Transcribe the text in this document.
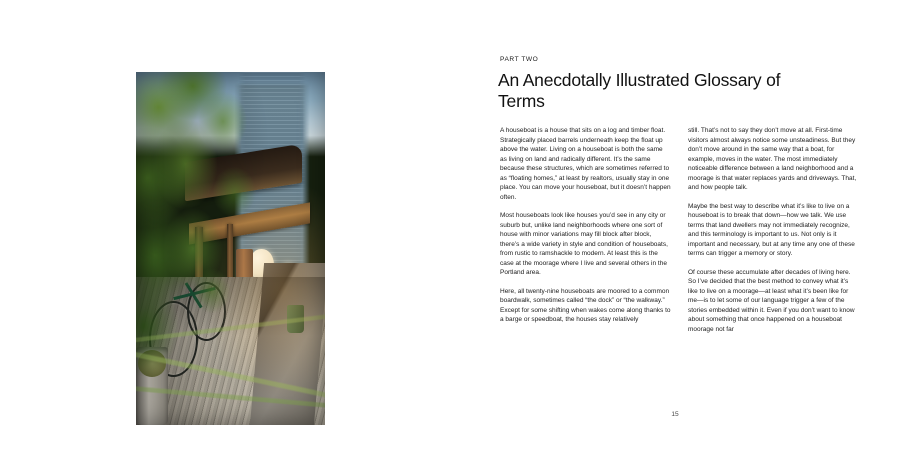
PART TWO
An Anecdotally Illustrated Glossary of Terms

A houseboat is a house that sits on a log and timber float. Strategically placed barrels underneath keep the float up above the water. Living on a houseboat is both the same as living on land and radically different. It’s the same because these structures, which are sometimes referred to as “floating homes,” at least by realtors, usually stay in one place. You can move your houseboat, but it doesn’t happen often.

Most houseboats look like houses you’d see in any city or suburb but, unlike land neighborhoods where one sort of house with minor variations may fill block after block, there’s a wide variety in style and condition of houseboats, from rustic to ramshackle to modern. At least this is the case at the moorage where I live and several others in the Portland area.

Here, all twenty-nine houseboats are moored to a common boardwalk, sometimes called “the dock” or “the walkway.” Except for some shifting when wakes come along thanks to a barge or speedboat, the houses stay relatively

still. That’s not to say they don’t move at all. First-time visitors almost always notice some unsteadiness. But they don’t move around in the same way that a boat, for example, moves in the water. The most immediately noticeable difference between a land neighborhood and a moorage is that water replaces yards and driveways. That, and how people talk.

Maybe the best way to describe what it’s like to live on a houseboat is to break that down—how we talk. We use terms that land dwellers may not immediately recognize, and this terminology is important to us. Not only is it important and necessary, but at any time any one of these terms can trigger a memory or story.

Of course these accumulate after decades of living here. So I’ve decided that the best method to convey what it’s like to live on a moorage—at least what it’s been like for me—is to let some of our language trigger a few of the stories embedded within it. Even if you don’t want to know about something that once happened on a houseboat moorage not far

15
